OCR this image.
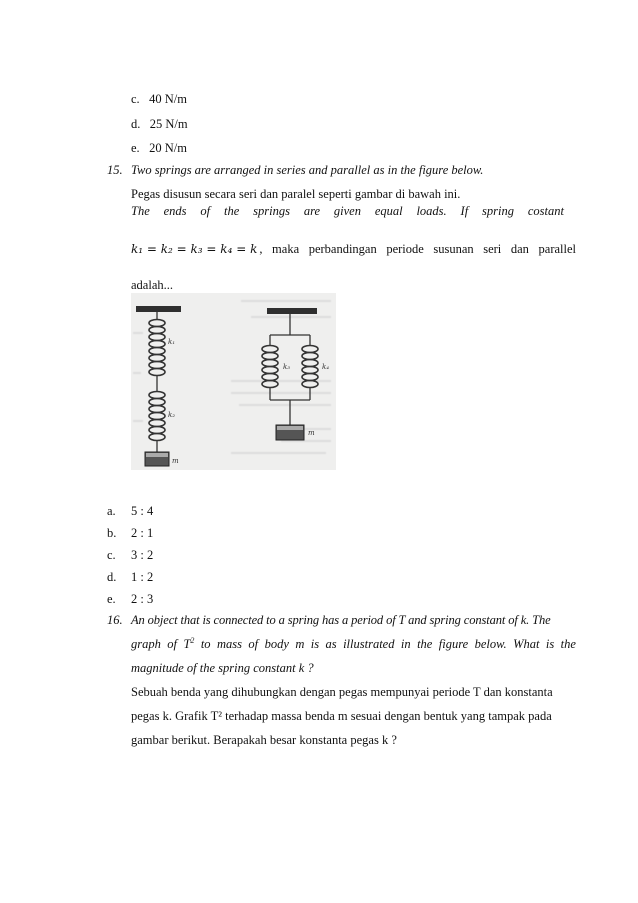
c. 40 N/m
d. 25 N/m
e. 20 N/m
15. Two springs are arranged in series and parallel as in the figure below.
Pegas disusun secara seri dan paralel seperti gambar di bawah ini.
The ends of the springs are given equal loads. If spring costant
k₁ = k₂ = k₃ = k₄ = k , maka perbandingan periode susunan seri dan parallel
adalah...
k₁
k₂
m
k₃	k₄
m
a. 5 : 4
b. 2 : 1
c. 3 : 2
d. 1 : 2
e. 2 : 3
16. An object that is connected to a spring has a period of T and spring constant of k. The
graph of $T^2$ to mass of body m is as illustrated in the figure below. What is the
magnitude of the spring constant k ?
Sebuah benda yang dihubungkan dengan pegas mempunyai periode T dan konstanta
pegas k. Grafik T² terhadap massa benda m sesuai dengan bentuk yang tampak pada
gambar berikut. Berapakah besar konstanta pegas k ?
